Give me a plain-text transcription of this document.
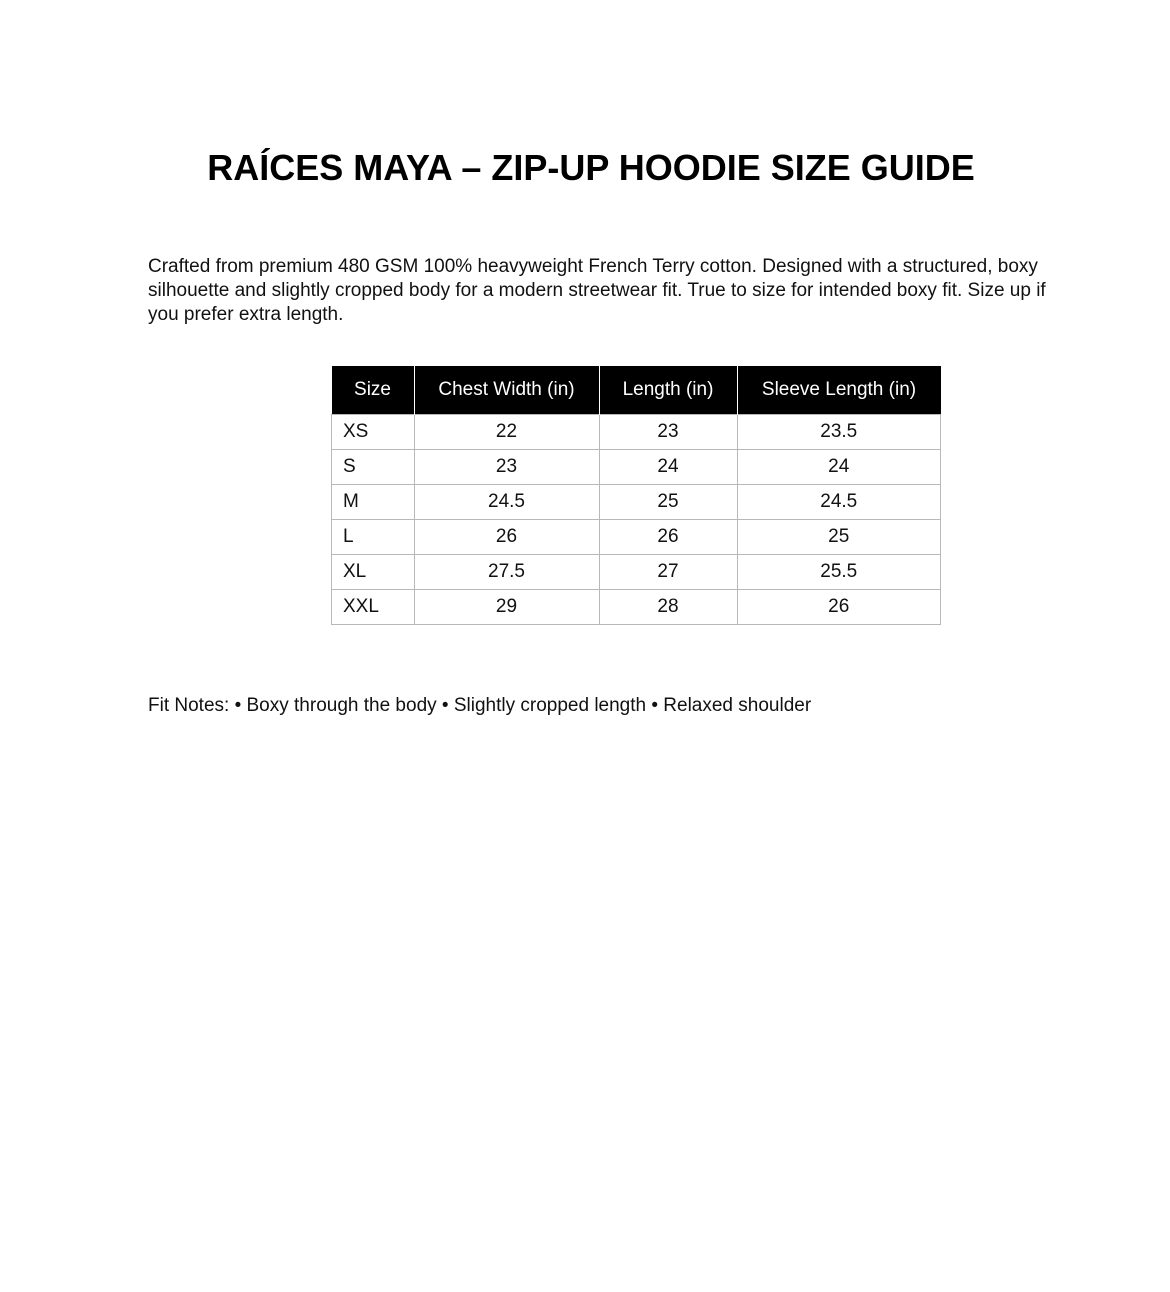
RAÍCES MAYA – ZIP-UP HOODIE SIZE GUIDE

Crafted from premium 480 GSM 100% heavyweight French Terry cotton. Designed with a structured, boxy silhouette and slightly cropped body for a modern streetwear fit. True to size for intended boxy fit. Size up if you prefer extra length.

Size	Chest Width (in)	Length (in)	Sleeve Length (in)
XS	22	23	23.5
S	23	24	24
M	24.5	25	24.5
L	26	26	25
XL	27.5	27	25.5
XXL	29	28	26

Fit Notes: • Boxy through the body • Slightly cropped length • Relaxed shoulder
